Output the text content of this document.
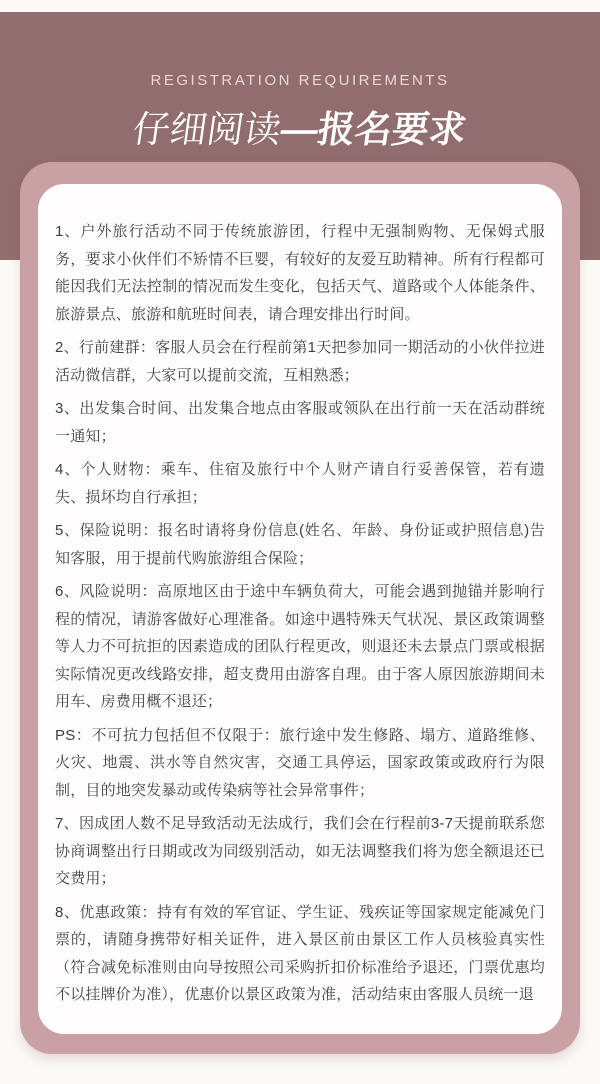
REGISTRATION REQUIREMENTS
仔细阅读—报名要求

1、户外旅行活动不同于传统旅游团，行程中无强制购物、无保姆式服务，要求小伙伴们不矫情不巨婴，有较好的友爱互助精神。所有行程都可能因我们无法控制的情况而发生变化，包括天气、道路或个人体能条件、旅游景点、旅游和航班时间表，请合理安排出行时间。

2、行前建群：客服人员会在行程前第1天把参加同一期活动的小伙伴拉进活动微信群，大家可以提前交流，互相熟悉；

3、出发集合时间、出发集合地点由客服或领队在出行前一天在活动群统一通知；

4、个人财物：乘车、住宿及旅行中个人财产请自行妥善保管，若有遗失、损坏均自行承担；

5、保险说明：报名时请将身份信息(姓名、年龄、身份证或护照信息)告知客服，用于提前代购旅游组合保险；

6、风险说明：高原地区由于途中车辆负荷大，可能会遇到抛锚并影响行程的情况，请游客做好心理准备。如途中遇特殊天气状况、景区政策调整等人力不可抗拒的因素造成的团队行程更改，则退还未去景点门票或根据实际情况更改线路安排，超支费用由游客自理。由于客人原因旅游期间未用车、房费用概不退还；

PS：不可抗力包括但不仅限于：旅行途中发生修路、塌方、道路维修、火灾、地震、洪水等自然灾害，交通工具停运，国家政策或政府行为限制，目的地突发暴动或传染病等社会异常事件；

7、因成团人数不足导致活动无法成行，我们会在行程前3-7天提前联系您协商调整出行日期或改为同级别活动，如无法调整我们将为您全额退还已交费用；

8、优惠政策：持有有效的军官证、学生证、残疾证等国家规定能减免门票的，请随身携带好相关证件，进入景区前由景区工作人员核验真实性（符合减免标准则由向导按照公司采购折扣价标准给予退还，门票优惠均不以挂牌价为准），优惠价以景区政策为准，活动结束由客服人员统一退
